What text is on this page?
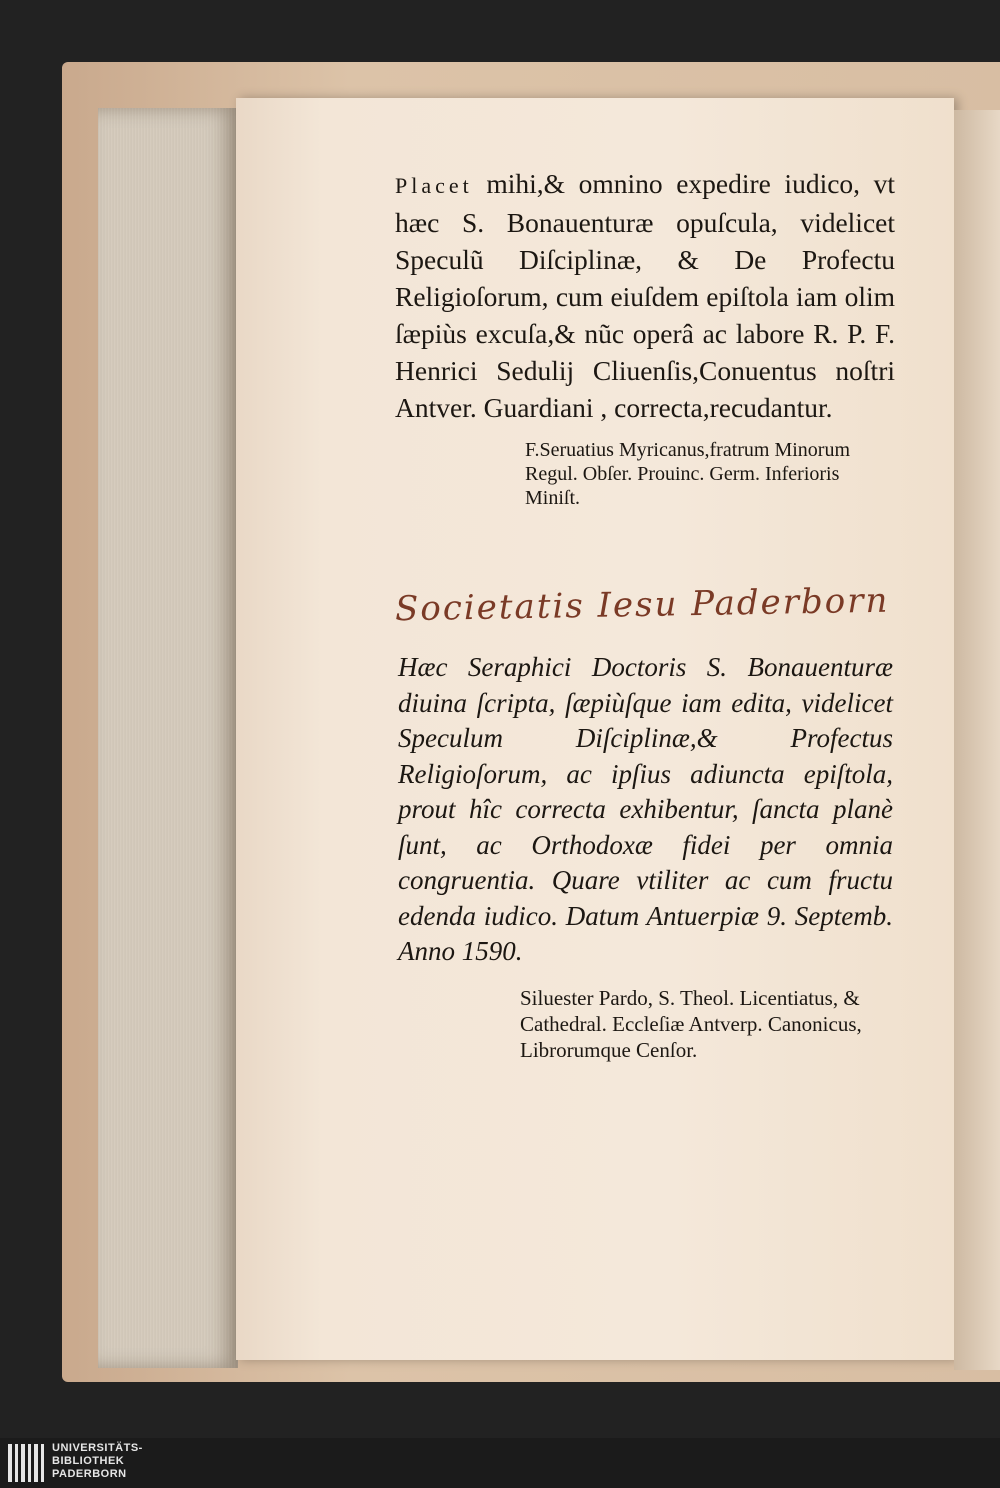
Placet mihi,& omnino expedire iudico, vt hæc S. Bonauenturæ opuſcula, videlicet Speculũ Diſciplinæ, & De Profectu Religioſorum, cum eiuſdem epiſtola iam olim ſæpiùs excuſa,& nũc operâ ac labore R. P. F. Henrici Sedulij Cliuenſis,Conuentus noſtri Antver. Guardiani , correcta,recudantur.

F.Seruatius Myricanus,fratrum Minorum Regul. Obſer. Prouinc. Germ. Inferioris Miniſt.
Societatis Iesu Paderborn
Hæc Seraphici Doctoris S. Bonauenturæ diuina ſcripta, ſæpiùſque iam edita, videlicet Speculum Diſciplinæ,& Profectus Religioſorum, ac ipſius adiuncta epiſtola, prout hîc correcta exhibentur, ſancta planè ſunt, ac Orthodoxæ fidei per omnia congruentia. Quare vtiliter ac cum fructu edenda iudico. Datum Antuerpiæ 9. Septemb. Anno 1590.
Siluester Pardo, S. Theol. Licentiatus, & Cathedral. Eccleſiæ Antverp. Canonicus, Librorumque Cenſor.
UNIVERSITÄTS-
BIBLIOTHEK
PADERBORN
